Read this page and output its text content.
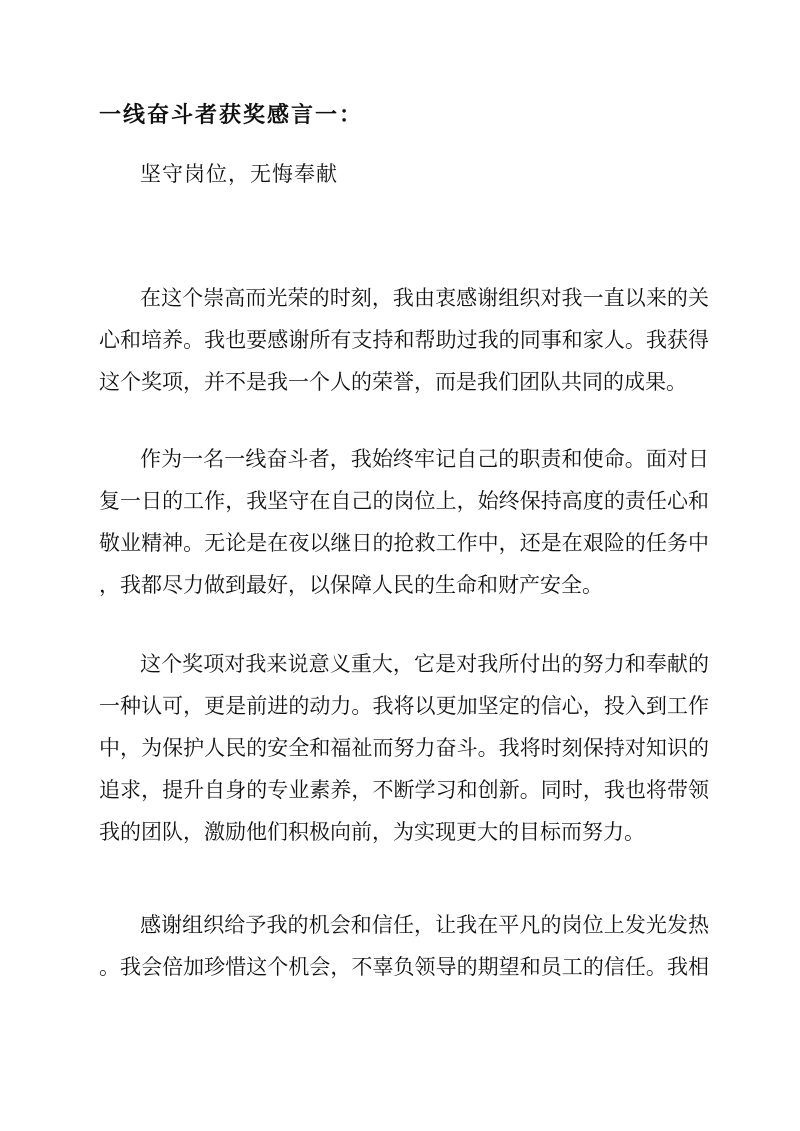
一线奋斗者获奖感言一：
坚守岗位，无悔奉献
在这个崇高而光荣的时刻，我由衷感谢组织对我一直以来的关
心和培养。我也要感谢所有支持和帮助过我的同事和家人。我获得
这个奖项，并不是我一个人的荣誉，而是我们团队共同的成果。
作为一名一线奋斗者，我始终牢记自己的职责和使命。面对日
复一日的工作，我坚守在自己的岗位上，始终保持高度的责任心和
敬业精神。无论是在夜以继日的抢救工作中，还是在艰险的任务中
，我都尽力做到最好，以保障人民的生命和财产安全。
这个奖项对我来说意义重大，它是对我所付出的努力和奉献的
一种认可，更是前进的动力。我将以更加坚定的信心，投入到工作
中，为保护人民的安全和福祉而努力奋斗。我将时刻保持对知识的
追求，提升自身的专业素养，不断学习和创新。同时，我也将带领
我的团队，激励他们积极向前，为实现更大的目标而努力。
感谢组织给予我的机会和信任，让我在平凡的岗位上发光发热
。我会倍加珍惜这个机会，不辜负领导的期望和员工的信任。我相
